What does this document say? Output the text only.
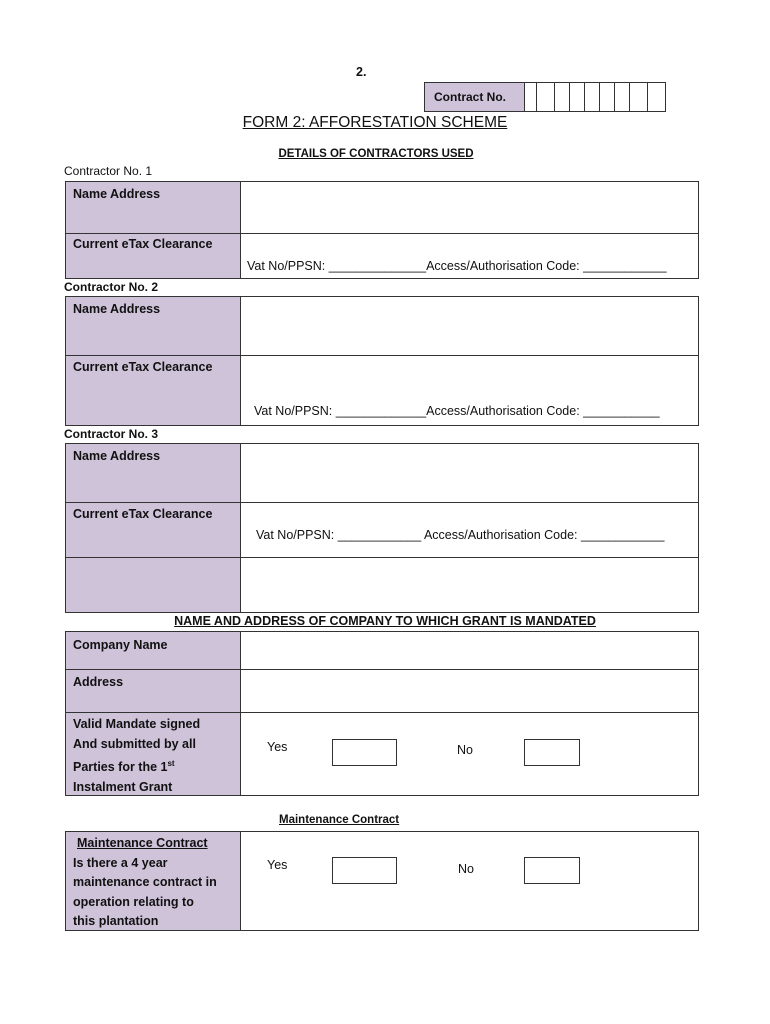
2.
Contract No.
FORM 2: AFFORESTATION SCHEME
DETAILS OF CONTRACTORS USED
Contractor No. 1
Name Address
Current eTax Clearance
Vat No/PPSN: ______________Access/Authorisation Code: ____________
Contractor No. 2
Name Address
Current eTax Clearance
Vat No/PPSN: _____________Access/Authorisation Code: ___________
Contractor No. 3
Name Address
Current eTax Clearance
Vat No/PPSN: ____________ Access/Authorisation Code: ____________
NAME AND ADDRESS OF COMPANY TO WHICH GRANT IS MANDATED
Company Name
Address
Valid Mandate signed
And submitted by all
Parties for the 1st
Instalment Grant
Yes	No
Maintenance Contract
Maintenance Contract
Is there a 4 year
maintenance contract in
operation relating to
this plantation
Yes	No
